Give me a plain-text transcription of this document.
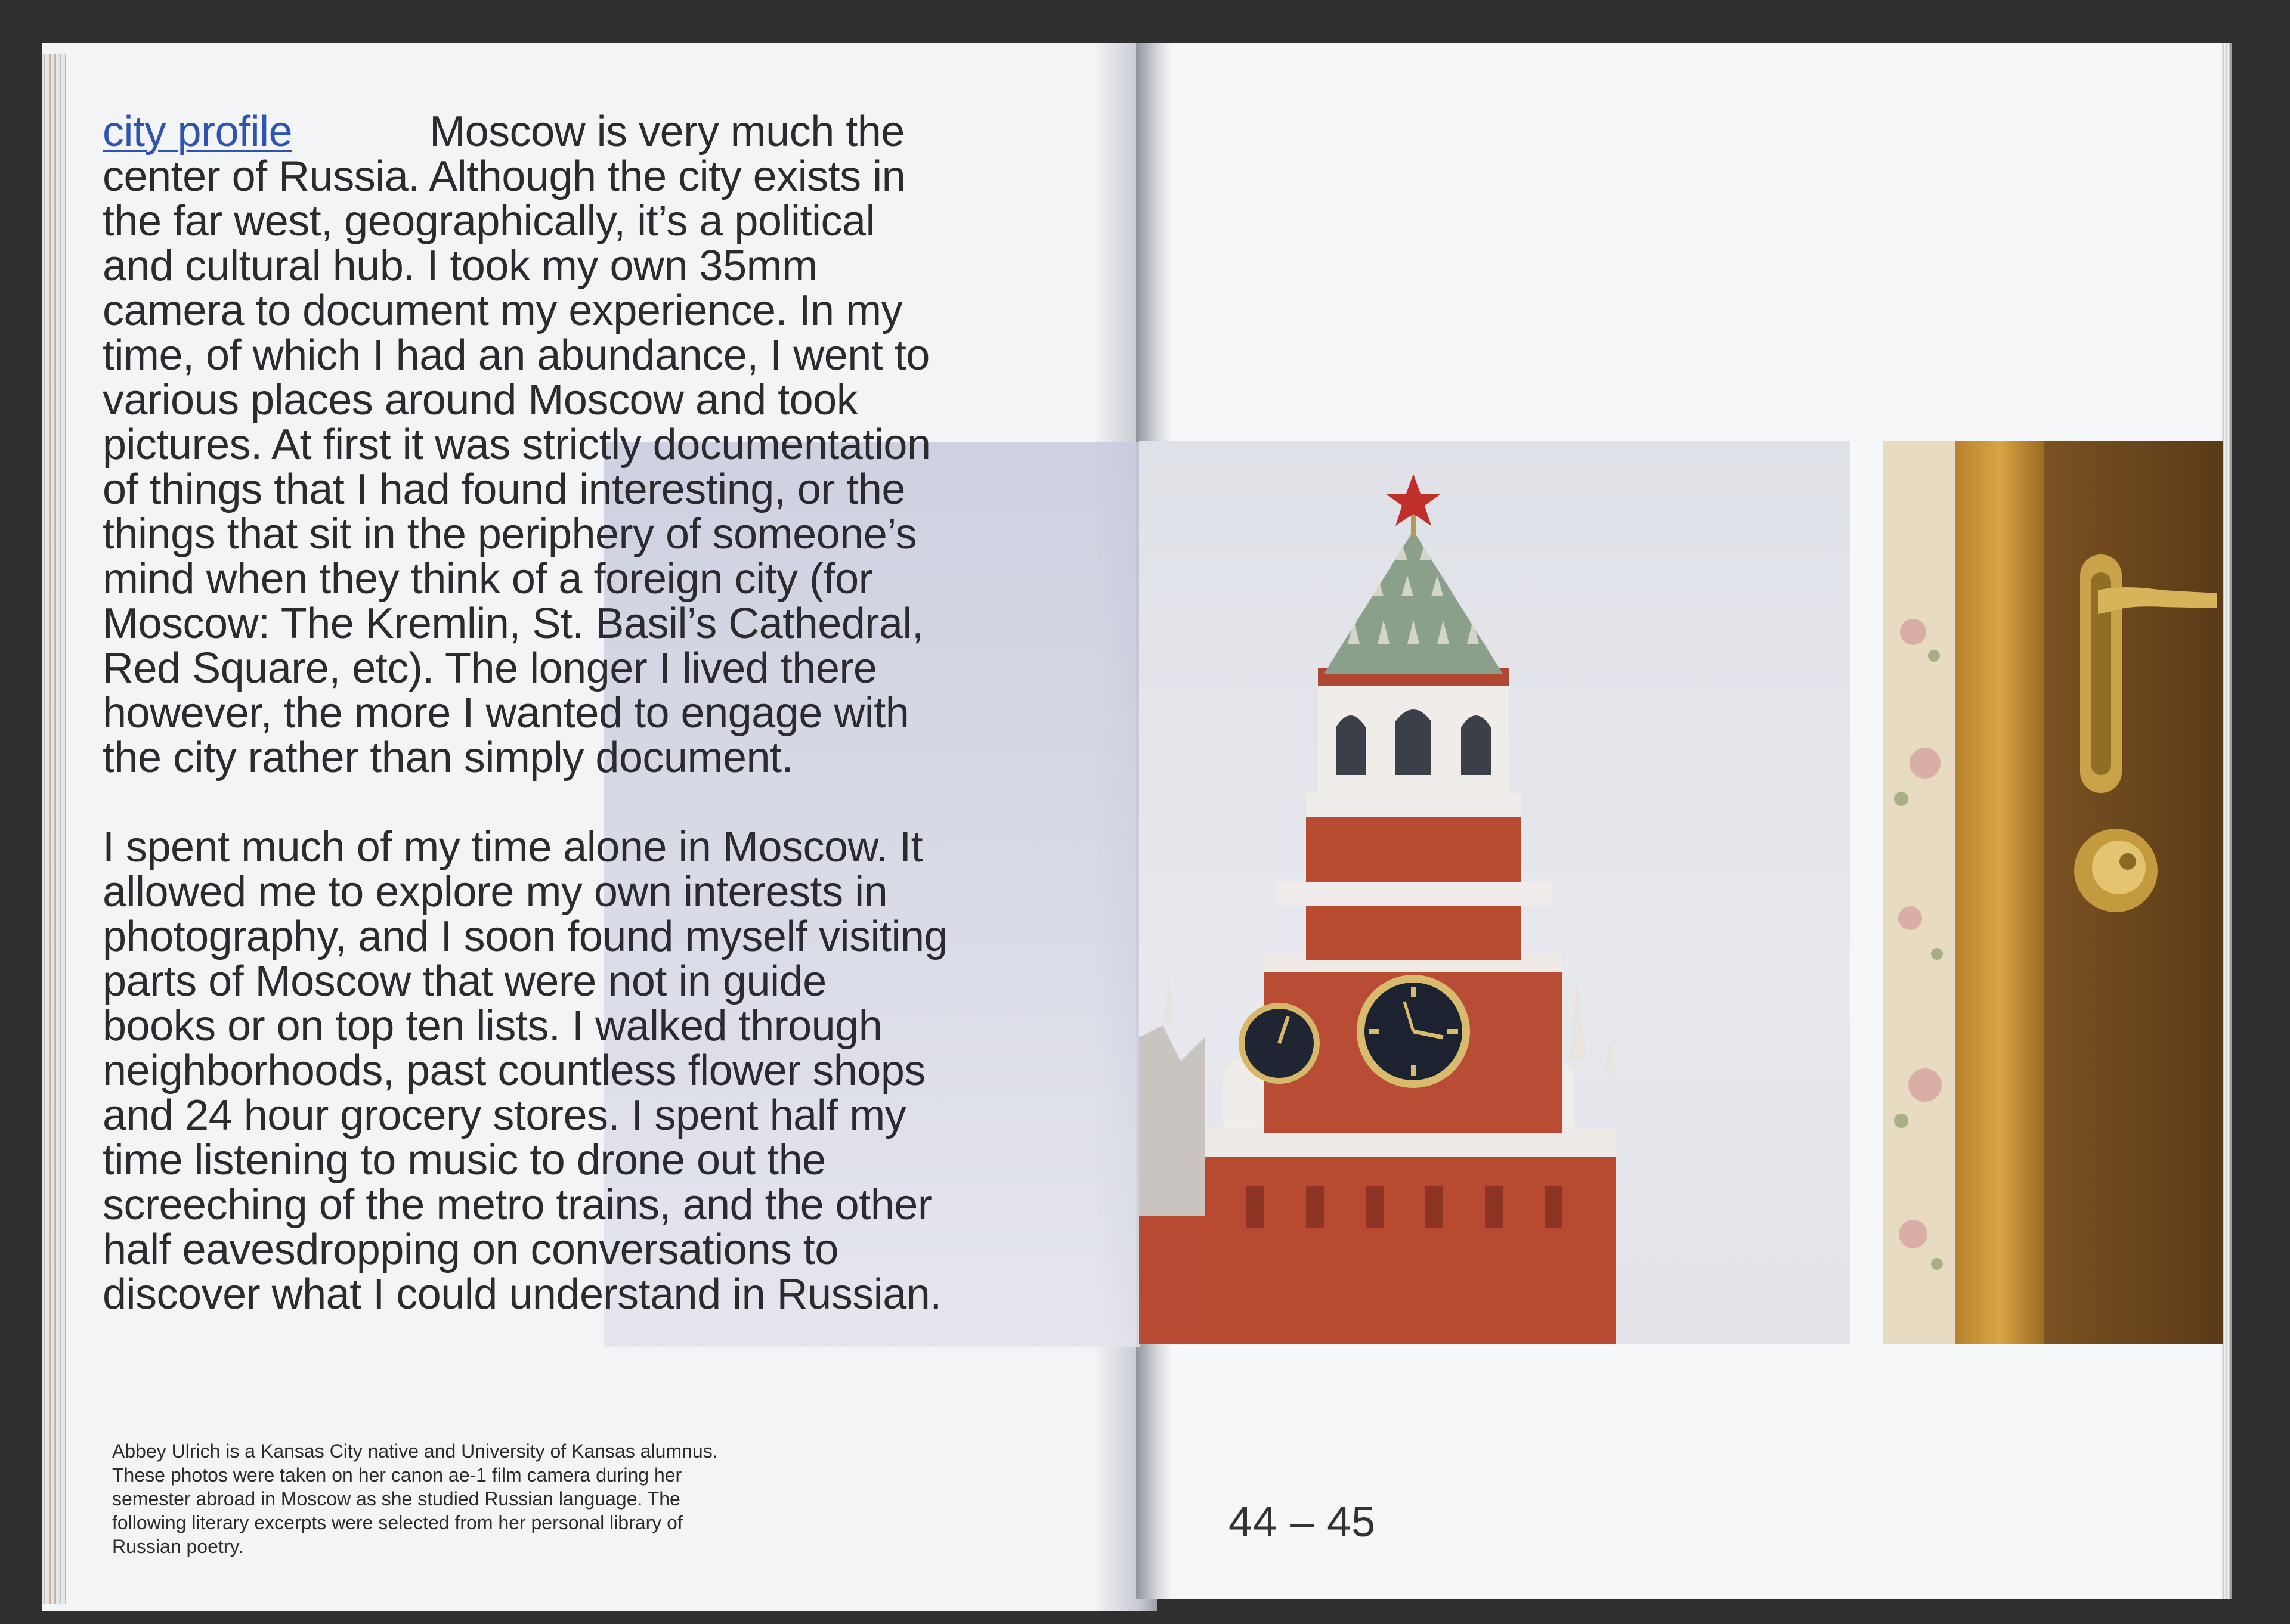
city profile	Moscow is very much the center of Russia. Although the city exists in the far west, geographically, it’s a political and cultural hub. I took my own 35mm camera to document my experience. In my time, of which I had an abundance, I went to various places around Moscow and took pictures. At first it was strictly documentation of things that I had found interesting, or the things that sit in the periphery of someone’s mind when they think of a foreign city (for Moscow: The Kremlin, St. Basil’s Cathedral, Red Square, etc). The longer I lived there however, the more I wanted to engage with the city rather than simply document.

I spent much of my time alone in Moscow. It allowed me to explore my own interests in photography, and I soon found myself visiting parts of Moscow that were not in guide books or on top ten lists. I walked through neighborhoods, past countless flower shops and 24 hour grocery stores. I spent half my time listening to music to drone out the screeching of the metro trains, and the other half eavesdropping on conversations to discover what I could understand in Russian.

Abbey Ulrich is a Kansas City native and University of Kansas alumnus. These photos were taken on her canon ae-1 film camera during her semester abroad in Moscow as she studied Russian language. The following literary excerpts were selected from her personal library of Russian poetry.
44 – 45
